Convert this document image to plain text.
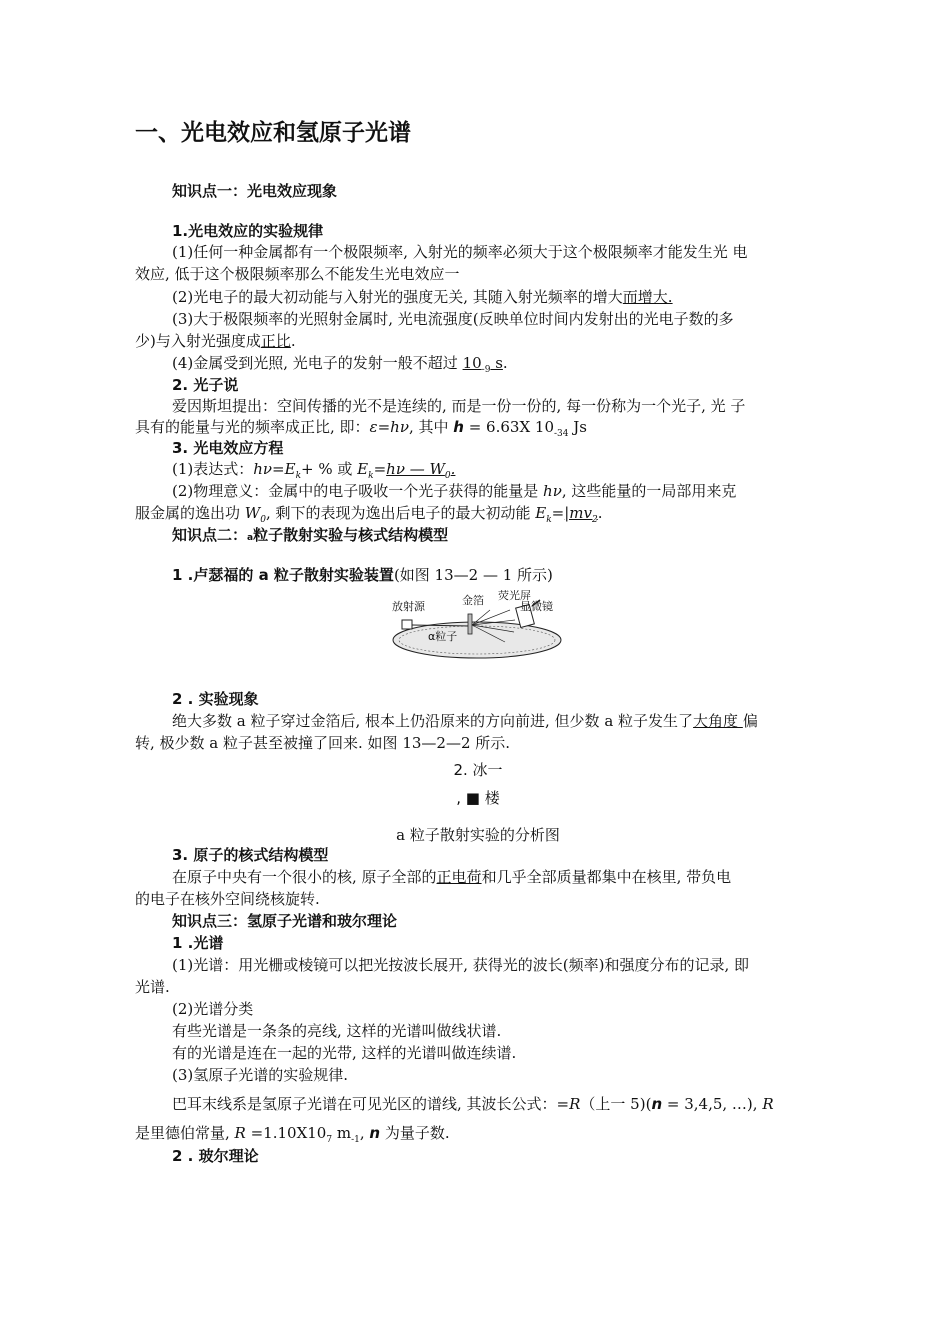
一、光电效应和氢原子光谱
知识点一：光电效应现象
1.光电效应的实验规律
(1)任何一种金属都有一个极限频率, 入射光的频率必须大于这个极限频率才能发生光 电
效应, 低于这个极限频率那么不能发生光电效应一
(2)光电子的最大初动能与入射光的强度无关, 其随入射光频率的增大而增大.
(3)大于极限频率的光照射金属时, 光电流强度(反映单位时间内发射出的光电子数的多
少)与入射光强度成正比.
(4)金属受到光照, 光电子的发射一般不超过 $10_{-9}$ s.
2. 光子说
爱因斯坦提出：空间传播的光不是连续的, 而是一份一份的, 每一份称为一个光子, 光 子
具有的能量与光的频率成正比, 即：ε=hν, 其中 h = 6.63X $10_{-34}$ Js
3. 光电效应方程
(1)表达式：$h\nu=E_k+$ % 或 $E_k=h\nu$ — $W_0$.
(2)物理意义：金属中的电子吸收一个光子获得的能量是 hν, 这些能量的一局部用来克
服金属的逸出功 $W_0$, 剩下的表现为逸出后电子的最大初动能 $E_k=|mv_2$.
知识点二：a粒子散射实验与核式结构模型
1 .卢瑟福的 a 粒子散射实验装置(如图 13—2 — 1 所示)
放射源	金箔 荧光屏
显微镜
α粒子
2 . 实验现象
绝大多数 a 粒子穿过金箔后, 根本上仍沿原来的方向前进, 但少数 a 粒子发生了大角度 偏
转, 极少数 a 粒子甚至被撞了回来. 如图 13—2—2 所示.
2. 冰一
, ■ 楼
a 粒子散射实验的分析图
3. 原子的核式结构模型
在原子中央有一个很小的核, 原子全部的正电荷和几乎全部质量都集中在核里, 带负电
的电子在核外空间绕核旋转.
知识点三：氢原子光谱和玻尔理论
1 .光谱
(1)光谱：用光栅或棱镜可以把光按波长展开, 获得光的波长(频率)和强度分布的记录, 即
光谱.
(2)光谱分类
有些光谱是一条条的亮线, 这样的光谱叫做线状谱.
有的光谱是连在一起的光带, 这样的光谱叫做连续谱.
(3)氢原子光谱的实验规律.
巴耳末线系是氢原子光谱在可见光区的谱线, 其波长公式：=R（上一 5)(n = 3,4,5, …), R
是里德伯常量, $R =1.10X10_7$ $m_{-1}$, n 为量子数.
2 . 玻尔理论
